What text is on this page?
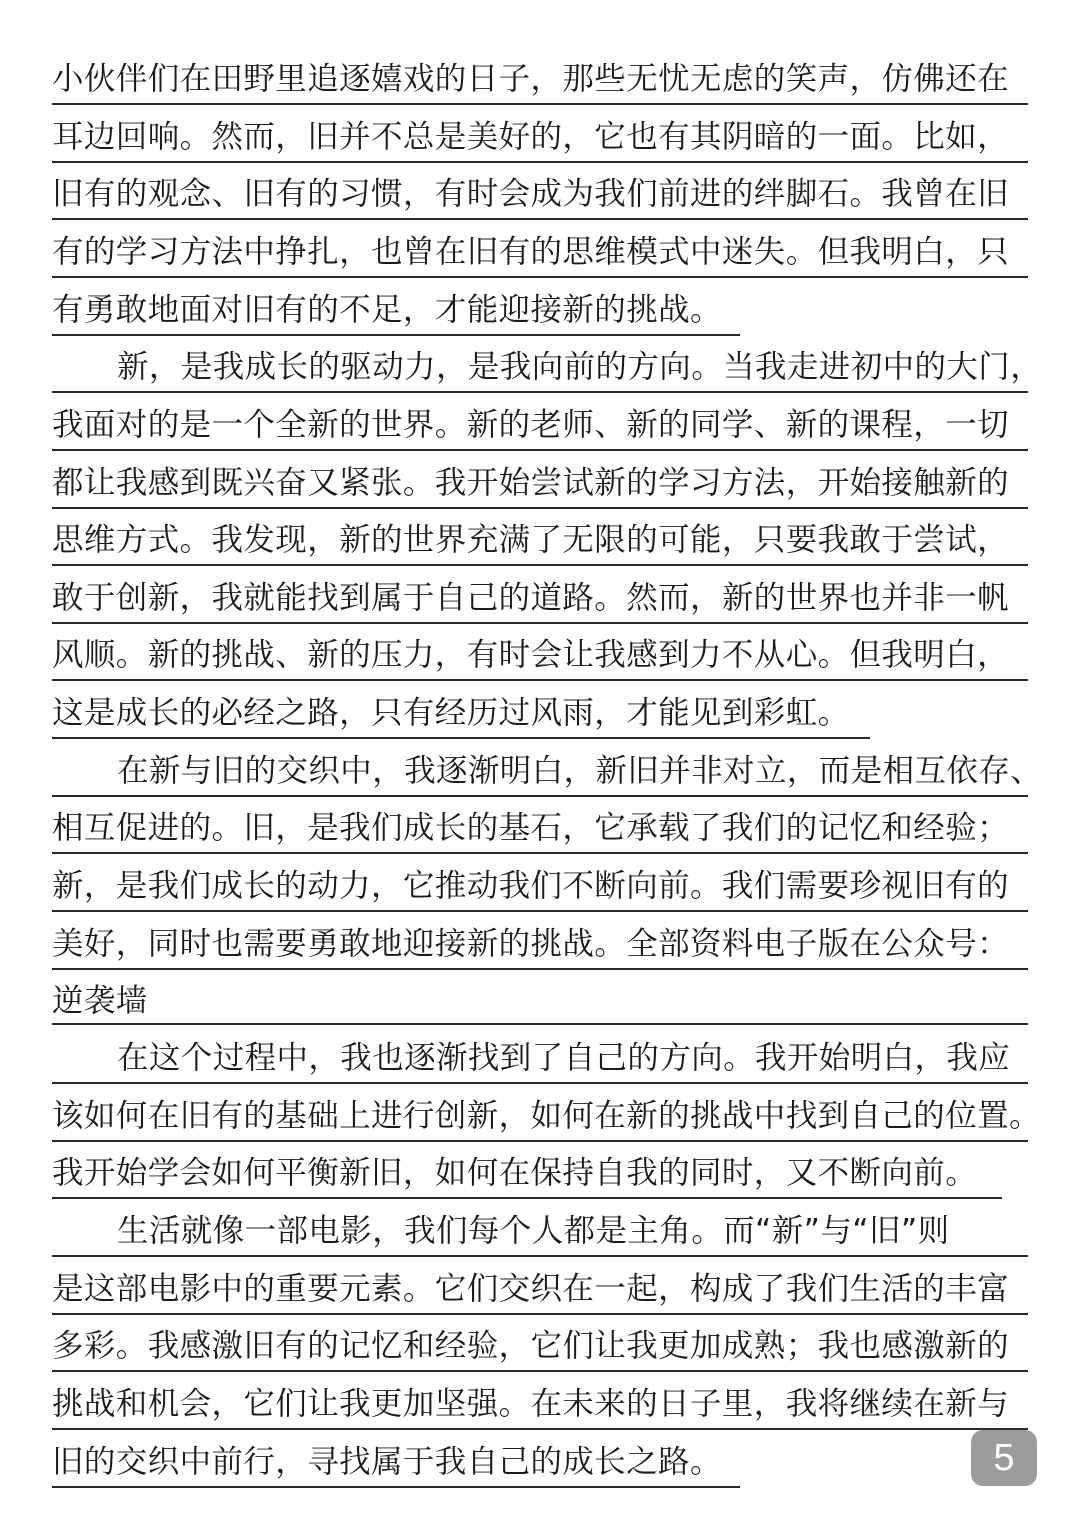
小伙伴们在田野里追逐嬉戏的日子，那些无忧无虑的笑声，仿佛还在
耳边回响。然而，旧并不总是美好的，它也有其阴暗的一面。比如，
旧有的观念、旧有的习惯，有时会成为我们前进的绊脚石。我曾在旧
有的学习方法中挣扎，也曾在旧有的思维模式中迷失。但我明白，只
有勇敢地面对旧有的不足，才能迎接新的挑战。
新，是我成长的驱动力，是我向前的方向。当我走进初中的大门，
我面对的是一个全新的世界。新的老师、新的同学、新的课程，一切
都让我感到既兴奋又紧张。我开始尝试新的学习方法，开始接触新的
思维方式。我发现，新的世界充满了无限的可能，只要我敢于尝试，
敢于创新，我就能找到属于自己的道路。然而，新的世界也并非一帆
风顺。新的挑战、新的压力，有时会让我感到力不从心。但我明白，
这是成长的必经之路，只有经历过风雨，才能见到彩虹。
在新与旧的交织中，我逐渐明白，新旧并非对立，而是相互依存、
相互促进的。旧，是我们成长的基石，它承载了我们的记忆和经验；
新，是我们成长的动力，它推动我们不断向前。我们需要珍视旧有的
美好，同时也需要勇敢地迎接新的挑战。全部资料电子版在公众号：
逆袭墙
在这个过程中，我也逐渐找到了自己的方向。我开始明白，我应
该如何在旧有的基础上进行创新，如何在新的挑战中找到自己的位置。
我开始学会如何平衡新旧，如何在保持自我的同时，又不断向前。
生活就像一部电影，我们每个人都是主角。而“新”与“旧”则
是这部电影中的重要元素。它们交织在一起，构成了我们生活的丰富
多彩。我感激旧有的记忆和经验，它们让我更加成熟；我也感激新的
挑战和机会，它们让我更加坚强。在未来的日子里，我将继续在新与
旧的交织中前行，寻找属于我自己的成长之路。	5
